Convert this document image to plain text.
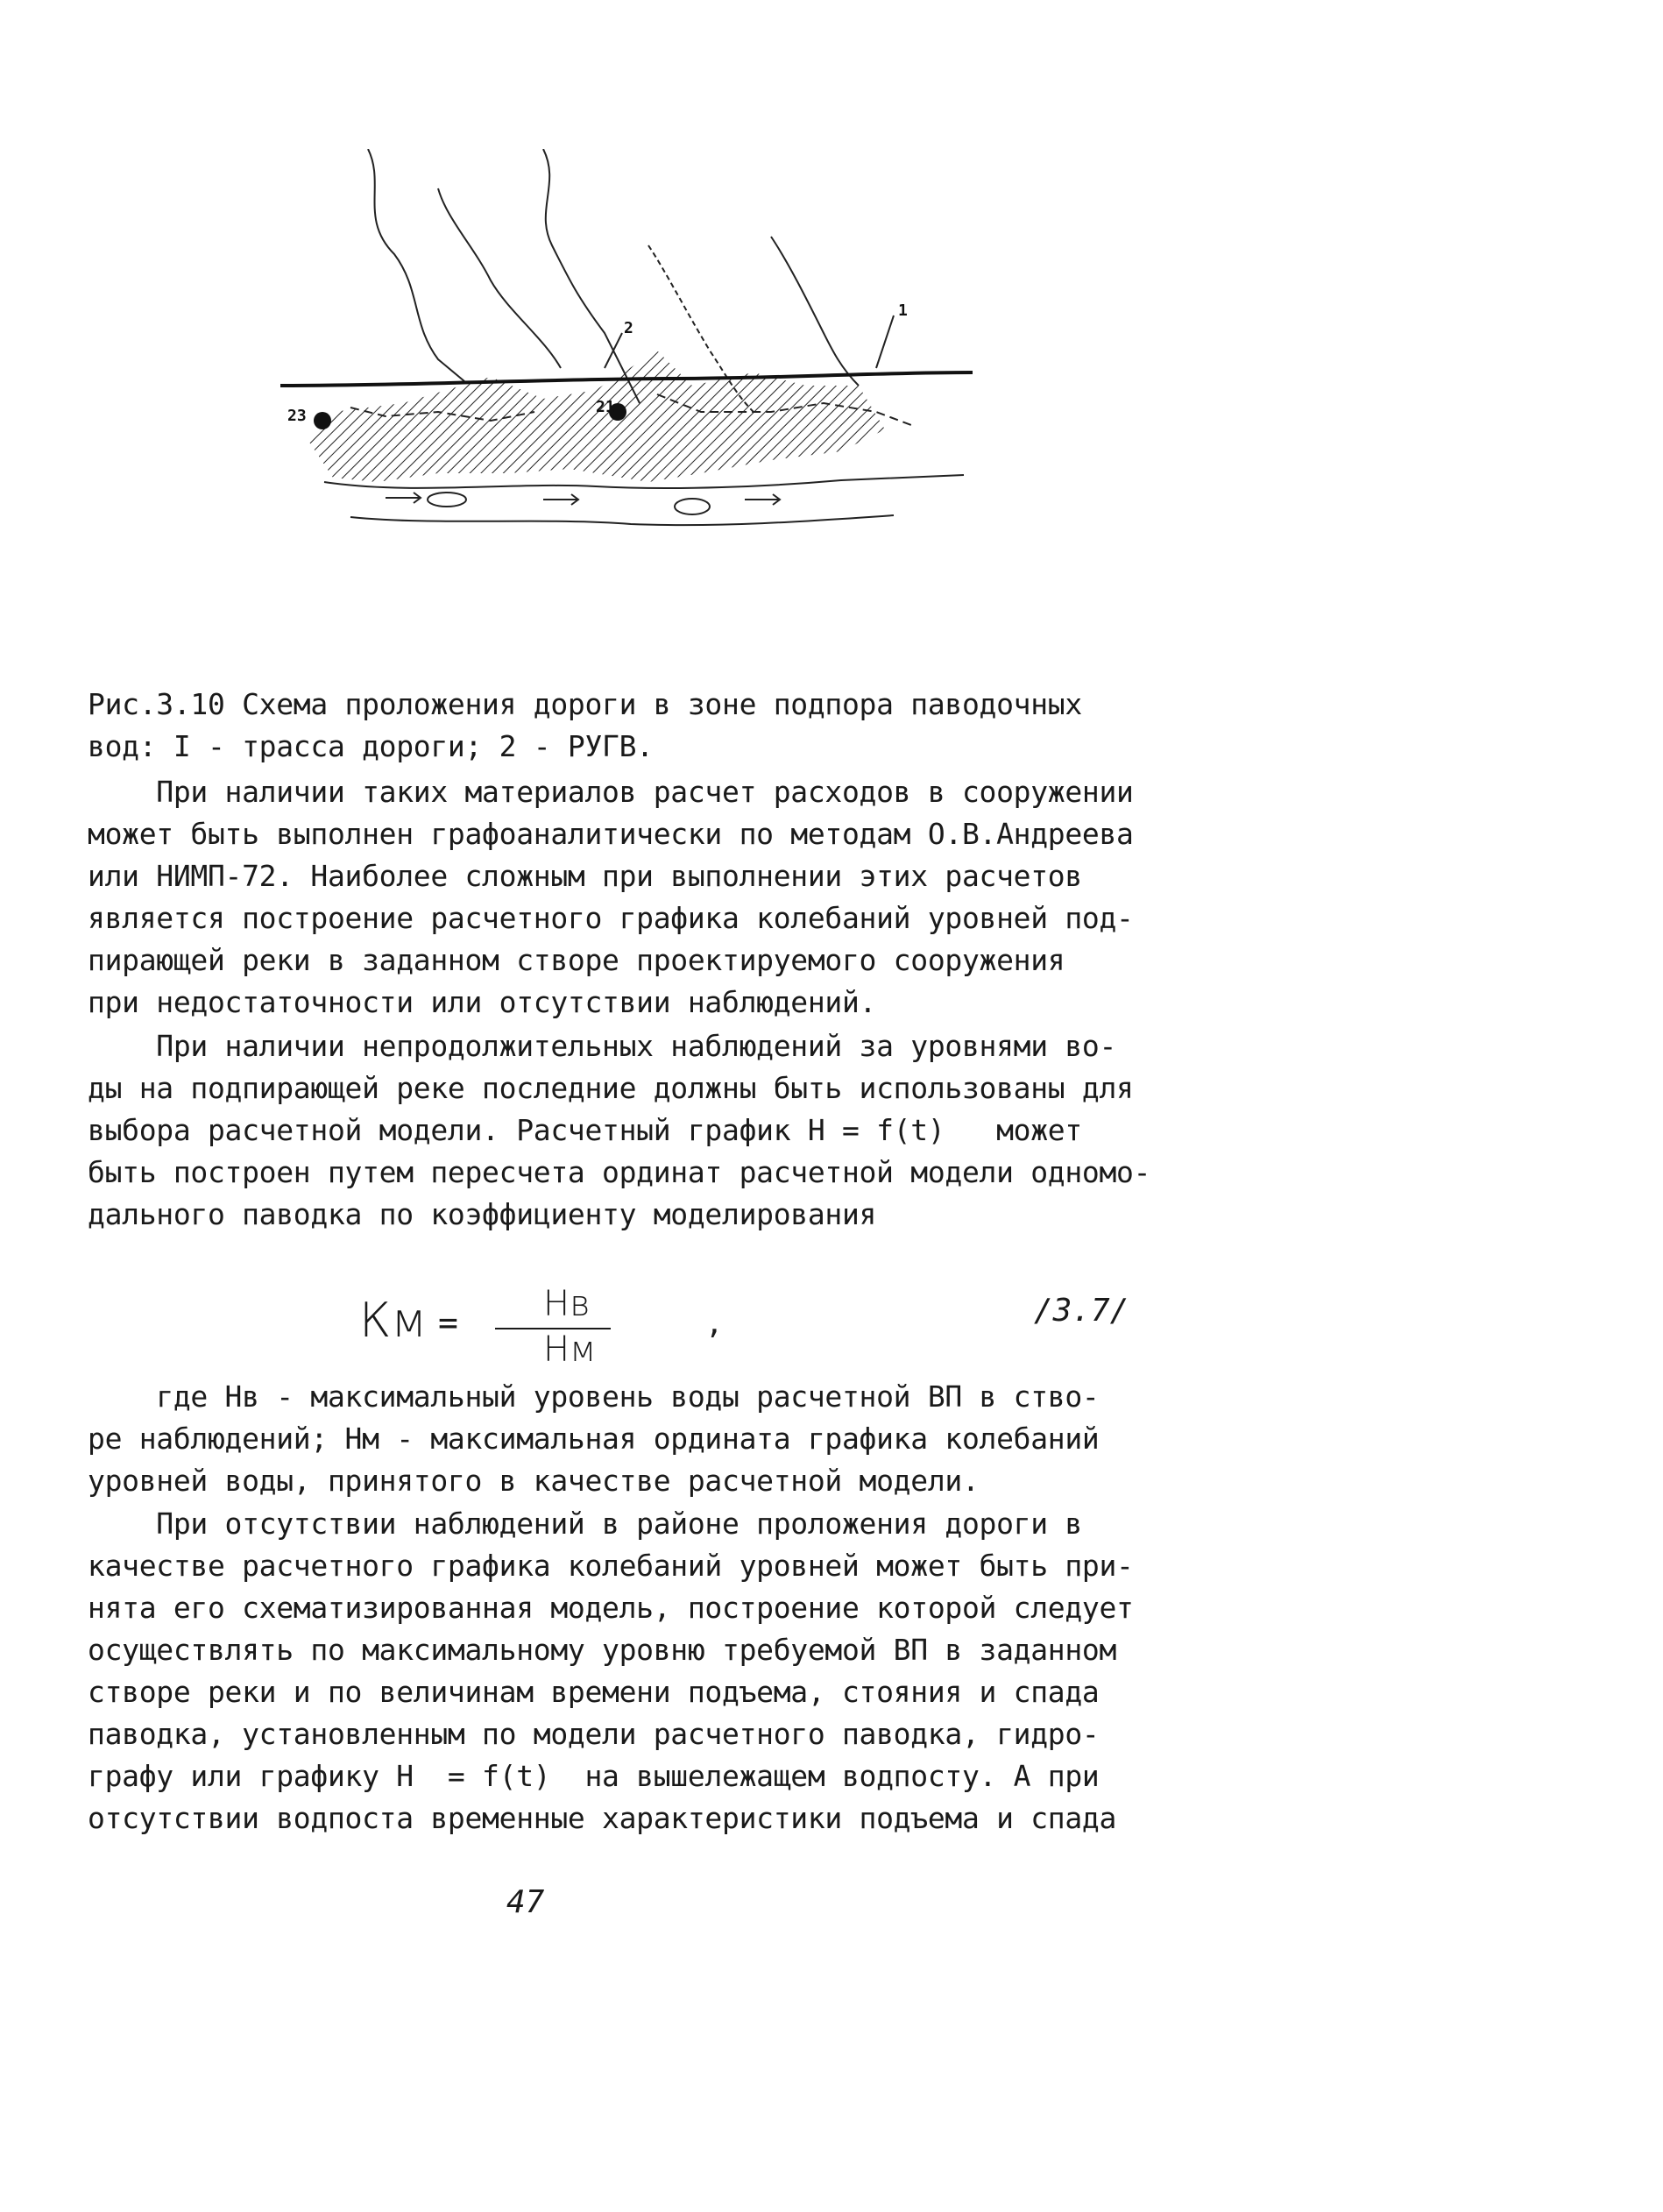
23	21
2
1
Рис.3.10 Схема проложения дороги в зоне подпора паводочных
вод: I - трасса дороги; 2 - РУГВ.
При наличии таких материалов расчет расходов в сооружении
может быть выполнен графоаналитически по методам О.В.Андреева
или НИМП-72. Наиболее сложным при выполнении этих расчетов
является построение расчетного графика колебаний уровней под-
пирающей реки в заданном створе проектируемого сооружения
при недостаточности или отсутствии наблюдений.
При наличии непродолжительных наблюдений за уровнями во-
ды на подпирающей реке последние должны быть использованы для
выбора расчетной модели. Расчетный график H = f(t)   может
быть построен путем пересчета ординат расчетной модели одномо-
дального паводка по коэффициенту моделирования
Км = Нв
Нм
,	/3.7/
где Нв - максимальный уровень воды расчетной ВП в ство-
ре наблюдений; Нм - максимальная ордината графика колебаний
уровней воды, принятого в качестве расчетной модели.
При отсутствии наблюдений в районе проложения дороги в
качестве расчетного графика колебаний уровней может быть при-
нята его схематизированная модель, построение которой следует
осуществлять по максимальному уровню требуемой ВП в заданном
створе реки и по величинам времени подъема, стояния и спада
паводка, установленным по модели расчетного паводка, гидро-
графу или графику H  = f(t)  на вышележащем водпосту. А при
отсутствии водпоста временные характеристики подъема и спада
47
